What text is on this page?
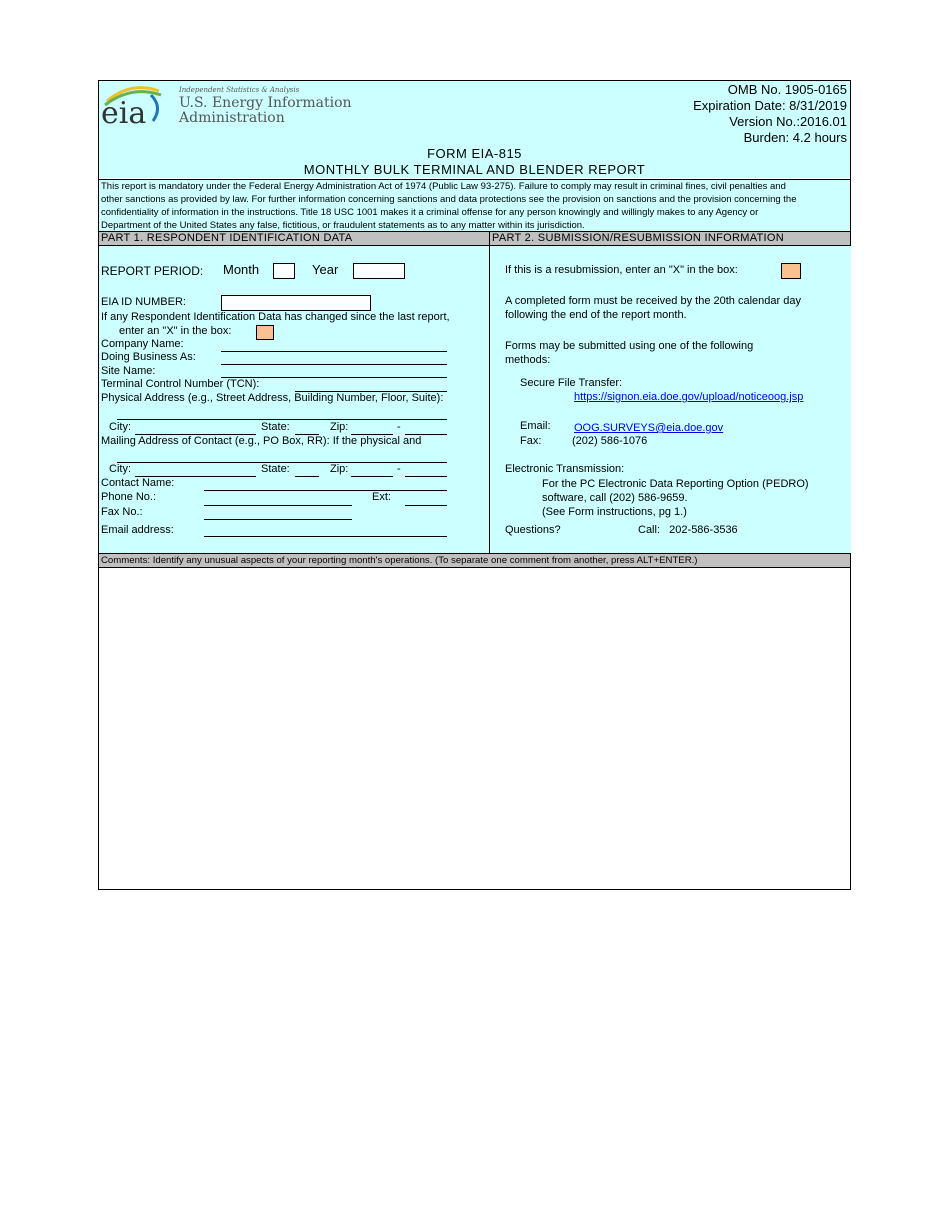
eia
Independent Statistics & Analysis
U.S. Energy Information
Administration
OMB No. 1905-0165
Expiration Date: 8/31/2019
Version No.:2016.01
Burden: 4.2 hours
FORM EIA-815
MONTHLY BULK TERMINAL AND BLENDER REPORT
This report is mandatory under the Federal Energy Administration Act of 1974 (Public Law 93-275). Failure to comply may result in criminal fines, civil penalties and
other sanctions as provided by law. For further information concerning sanctions and data protections see the provision on sanctions and the provision concerning the
confidentiality of information in the instructions. Title 18 USC 1001 makes it a criminal offense for any person knowingly and willingly makes to any Agency or
Department of the United States any false, fictitious, or fraudulent statements as to any matter within its jurisdiction.
PART 1. RESPONDENT IDENTIFICATION DATA	PART 2. SUBMISSION/RESUBMISSION INFORMATION
REPORT PERIOD: Month	Year
EIA ID NUMBER:
If any Respondent Identification Data has changed since the last report,
enter an "X" in the box:
Company Name:
Doing Business As:
Site Name:
Terminal Control Number (TCN):
Physical Address (e.g., Street Address, Building Number, Floor, Suite):
City:	State:	Zip:	-
Mailing Address of Contact (e.g., PO Box, RR): If the physical and
City:	State:	Zip:	-
Contact Name:
Phone No.:	Ext:
Fax No.:
Email address:
If this is a resubmission, enter an "X" in the box:
A completed form must be received by the 20th calendar day
following the end of the report month.
Forms may be submitted using one of the following
methods:
Secure File Transfer:
https://signon.eia.doe.gov/upload/noticeoog.jsp
Email: OOG.SURVEYS@eia.doe.gov
Fax:	(202) 586-1076
Electronic Transmission:
For the PC Electronic Data Reporting Option (PEDRO)
software, call (202) 586-9659.
(See Form instructions, pg 1.)
Questions?	Call:   202-586-3536
Comments: Identify any unusual aspects of your reporting month's operations. (To separate one comment from another, press ALT+ENTER.)
